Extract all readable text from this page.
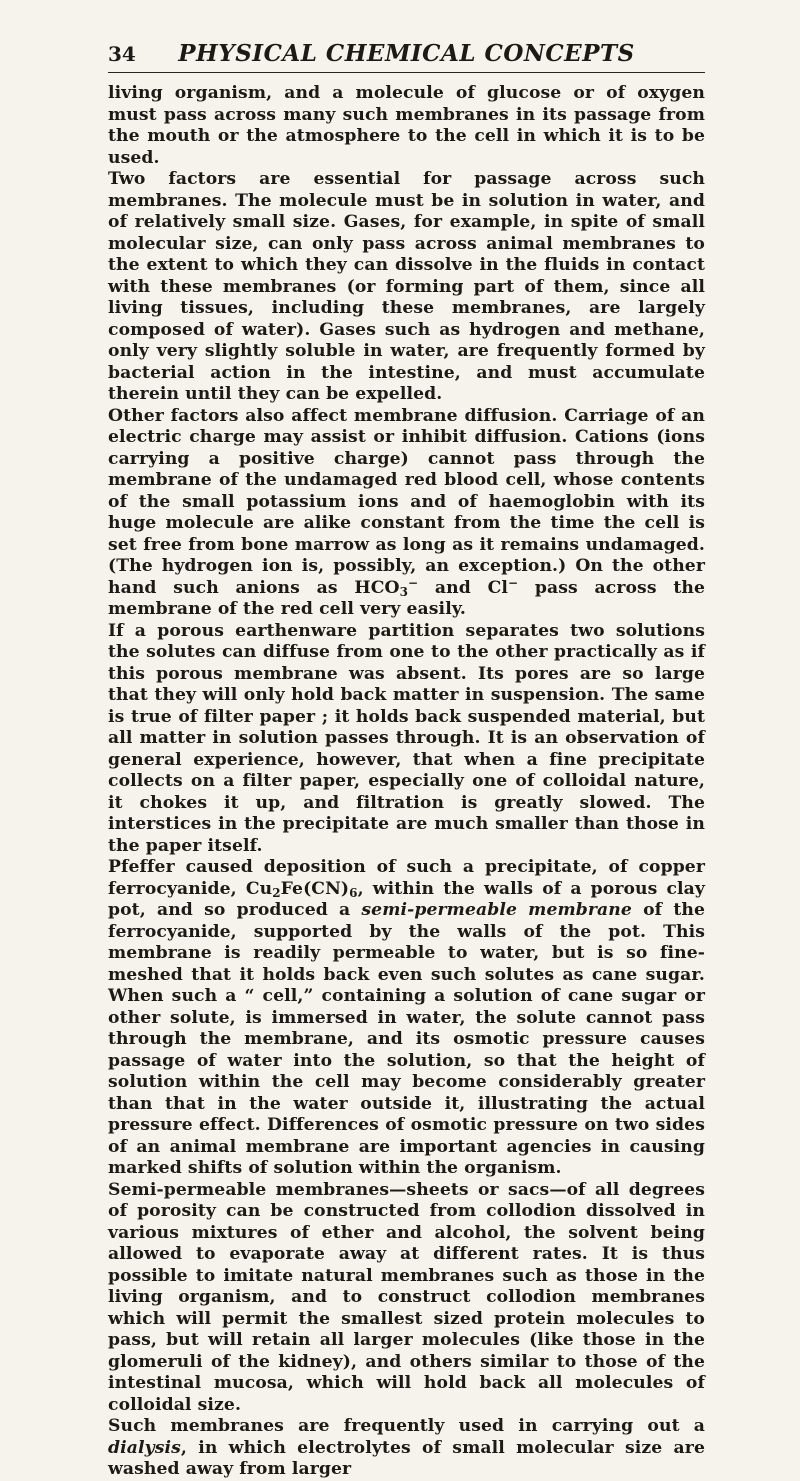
34	PHYSICAL CHEMICAL CONCEPTS

living organism, and a molecule of glucose or of oxygen must pass across many such membranes in its passage from the mouth or the atmosphere to the cell in which it is to be used.

Two factors are essential for passage across such membranes. The molecule must be in solution in water, and of relatively small size. Gases, for example, in spite of small molecular size, can only pass across animal membranes to the extent to which they can dissolve in the fluids in contact with these membranes (or forming part of them, since all living tissues, including these membranes, are largely composed of water). Gases such as hydrogen and methane, only very slightly soluble in water, are frequently formed by bacterial action in the intestine, and must accumulate therein until they can be expelled.

Other factors also affect membrane diffusion. Carriage of an electric charge may assist or inhibit diffusion. Cations (ions carrying a positive charge) cannot pass through the membrane of the undamaged red blood cell, whose contents of the small potassium ions and of haemoglobin with its huge molecule are alike constant from the time the cell is set free from bone marrow as long as it remains undamaged. (The hydrogen ion is, possibly, an exception.) On the other hand such anions as $HCO_3^-$ and Cl− pass across the membrane of the red cell very easily.

If a porous earthenware partition separates two solutions the solutes can diffuse from one to the other practically as if this porous membrane was absent. Its pores are so large that they will only hold back matter in suspension. The same is true of filter paper ; it holds back suspended material, but all matter in solution passes through. It is an observation of general experience, however, that when a fine precipitate collects on a filter paper, especially one of colloidal nature, it chokes it up, and filtration is greatly slowed. The interstices in the precipitate are much smaller than those in the paper itself.

Pfeffer caused deposition of such a precipitate, of copper ferrocyanide, $Cu_2Fe(CN)_6$, within the walls of a porous clay pot, and so produced a semi-permeable membrane of the ferrocyanide, supported by the walls of the pot. This membrane is readily permeable to water, but is so fine-meshed that it holds back even such solutes as cane sugar. When such a “ cell,” containing a solution of cane sugar or other solute, is immersed in water, the solute cannot pass through the membrane, and its osmotic pressure causes passage of water into the solution, so that the height of solution within the cell may become considerably greater than that in the water outside it, illustrating the actual pressure effect. Differences of osmotic pressure on two sides of an animal membrane are important agencies in causing marked shifts of solution within the organism.

Semi-permeable membranes—sheets or sacs—of all degrees of porosity can be constructed from collodion dissolved in various mixtures of ether and alcohol, the solvent being allowed to evaporate away at different rates. It is thus possible to imitate natural membranes such as those in the living organism, and to construct collodion membranes which will permit the smallest sized protein molecules to pass, but will retain all larger molecules (like those in the glomeruli of the kidney), and others similar to those of the intestinal mucosa, which will hold back all molecules of colloidal size.

Such membranes are frequently used in carrying out a dialysis, in which electrolytes of small molecular size are washed away from larger
